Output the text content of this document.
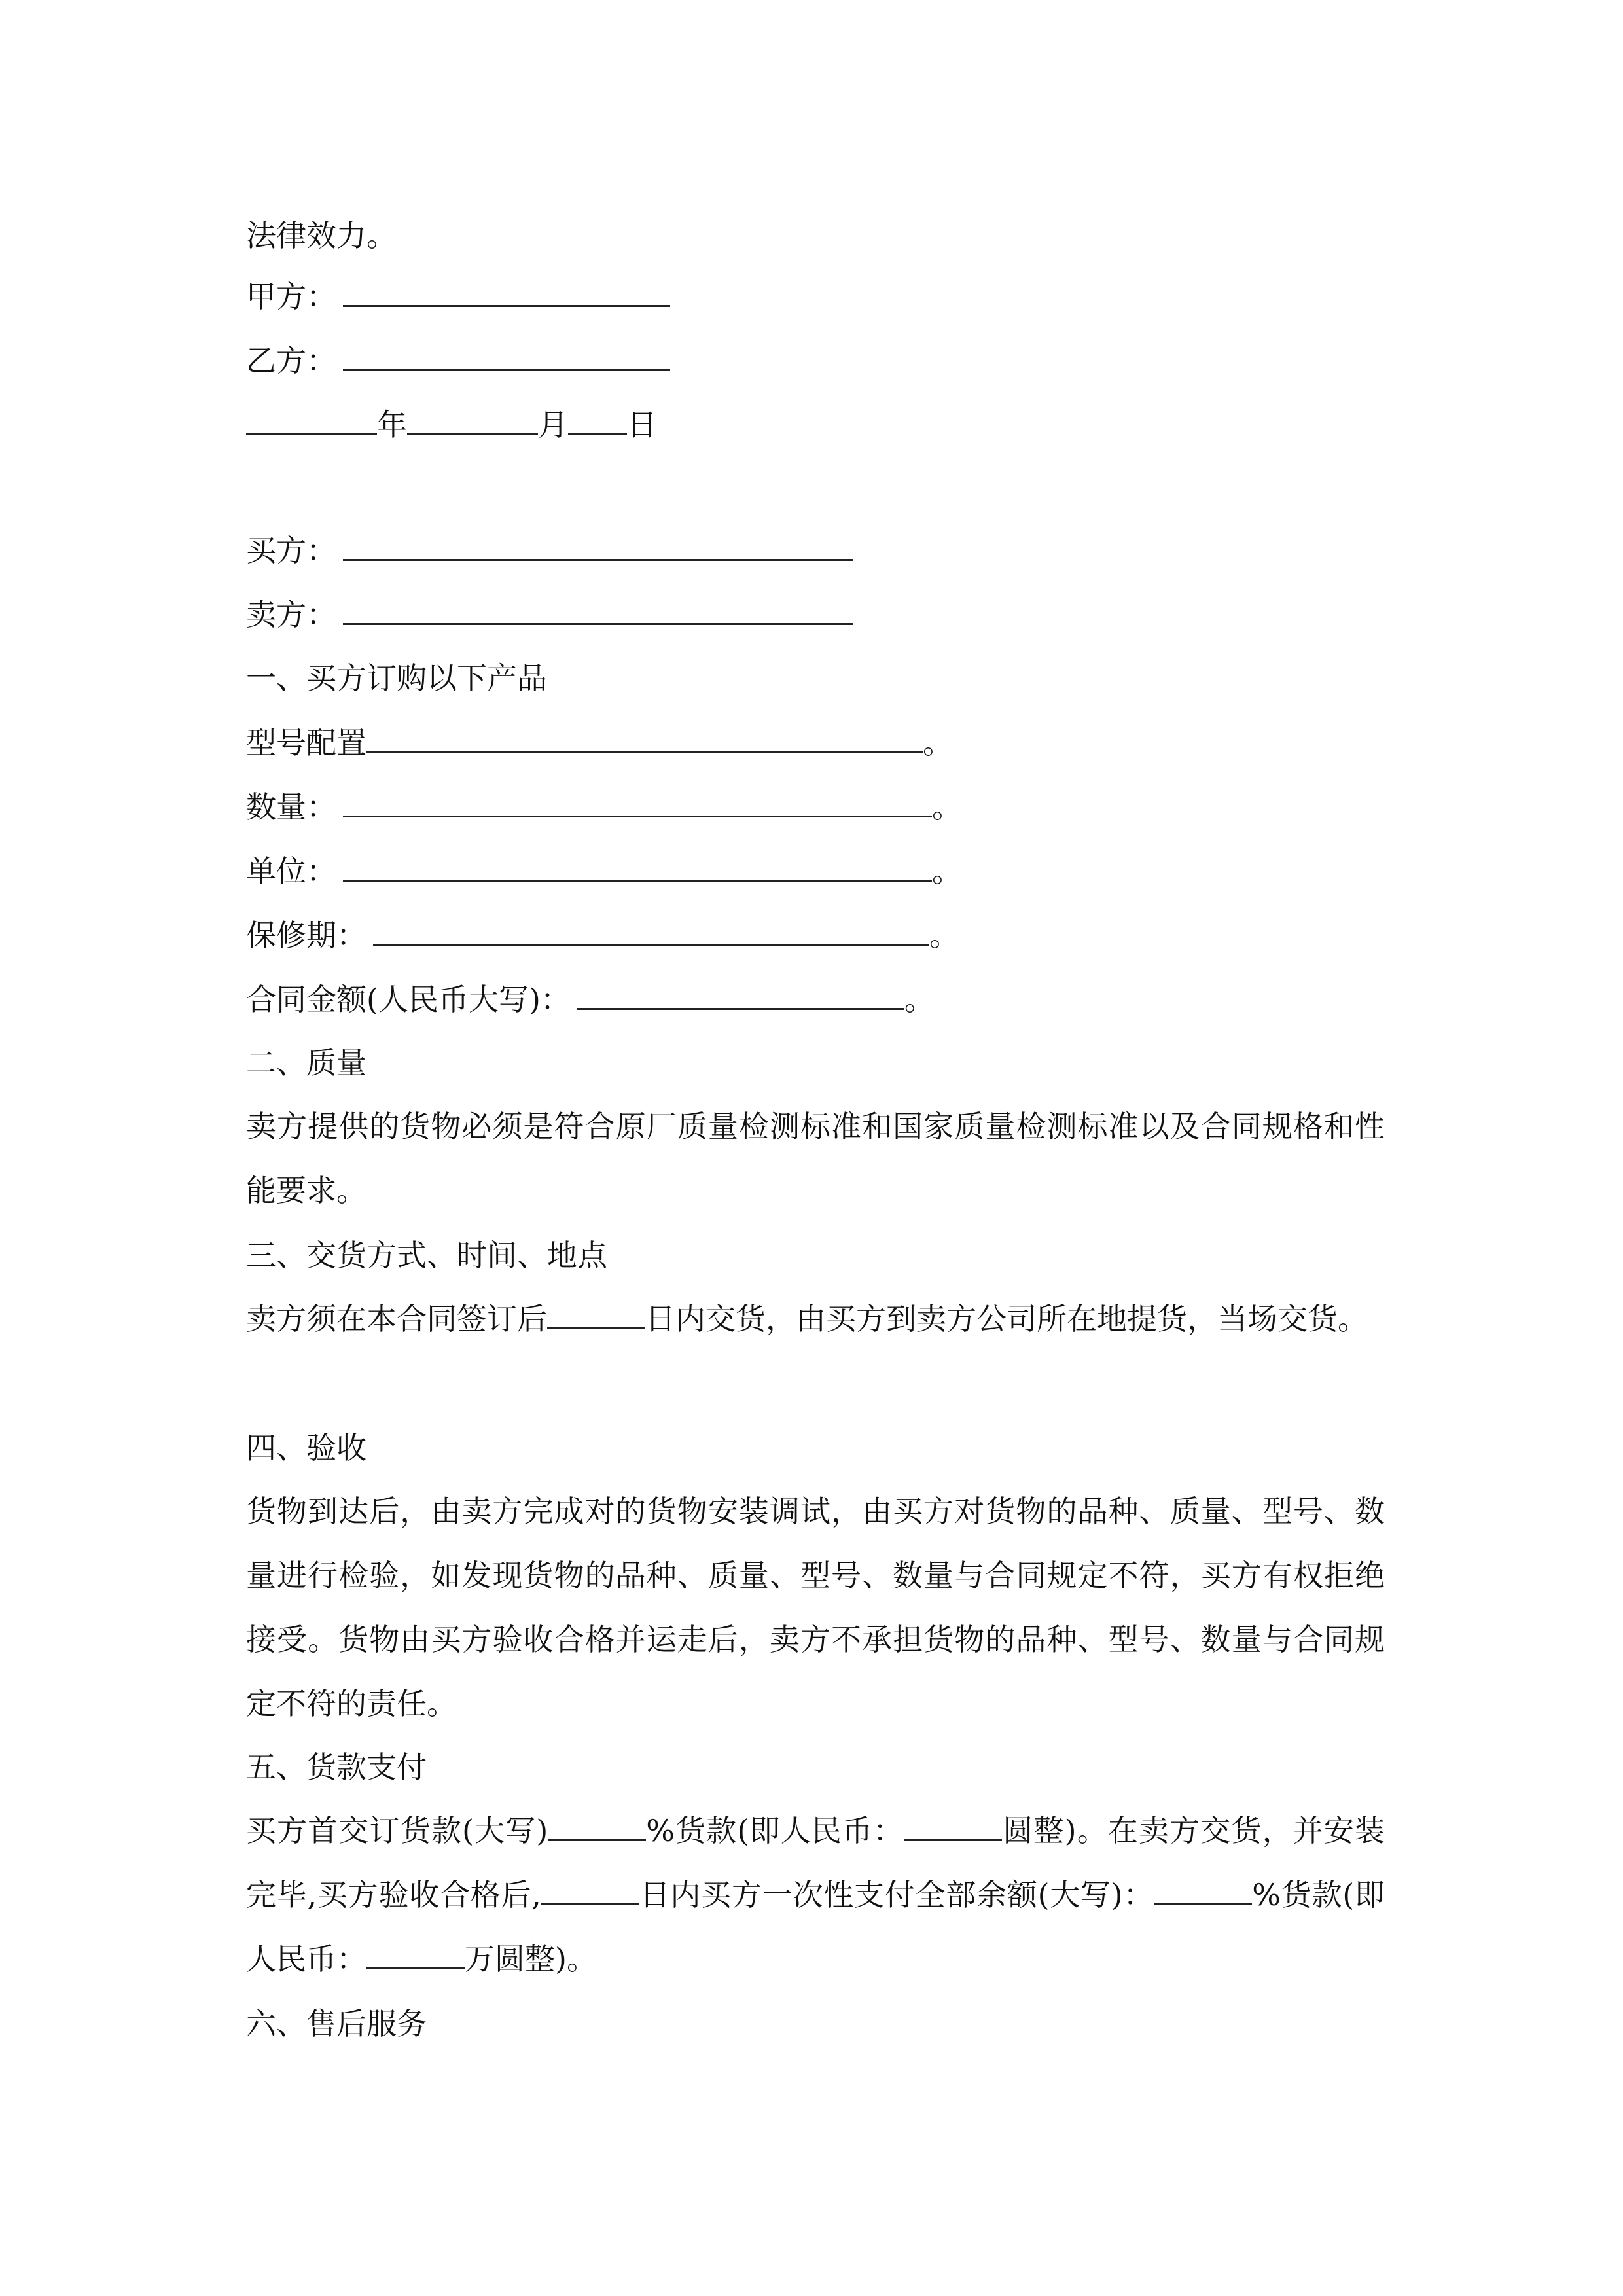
法律效力。
甲方：
乙方：
年	月 日
买方：
卖方：
一、买方订购以下产品
型号配置	。
数量：	。
单位：	。
保修期：	。
合同金额(人民币大写)：	。
二、质量
卖方提供的货物必须是符合原厂质量检测标准和国家质量检测标准以及合同规格和性能要求。
三、交货方式、时间、地点
卖方须在本合同签订后	日内交货，由买方到卖方公司所在地提货，当场交货。
四、验收
货物到达后，由卖方完成对的货物安装调试，由买方对货物的品种、质量、型号、数量进行检验，如发现货物的品种、质量、型号、数量与合同规定不符，买方有权拒绝接受。货物由买方验收合格并运走后，卖方不承担货物的品种、型号、数量与合同规定不符的责任。
五、货款支付
买方首交订货款(大写)	%货款(即人民币：	圆整)。在卖方交货，并安装完毕,买方验收合格后,	日内买方一次性支付全部余额(大写)：	%货款(即人民币：	万圆整)。
六、售后服务
